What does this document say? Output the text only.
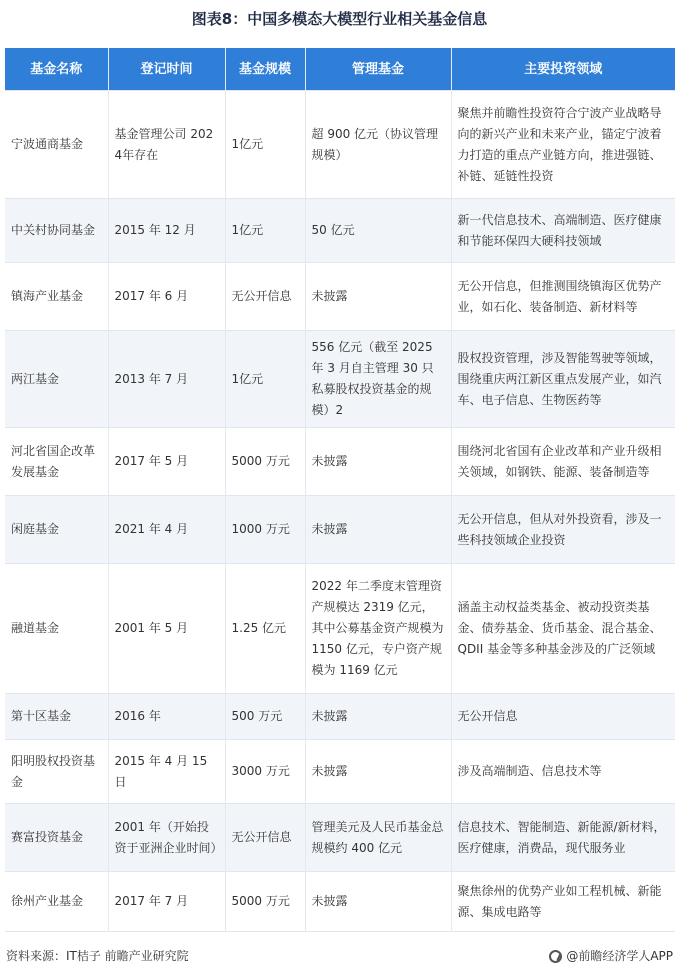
图表8：中国多模态大模型行业相关基金信息
基金名称	登记时间	基金规模	管理基金	主要投资领域
宁波通商基金	基金管理公司 2024年存在	1亿元	超 900 亿元（协议管理规模）	聚焦并前瞻性投资符合宁波产业战略导向的新兴产业和未来产业，锚定宁波着力打造的重点产业链方向，推进强链、补链、延链性投资
中关村协同基金	2015 年 12 月	1亿元	50 亿元	新一代信息技术、高端制造、医疗健康和节能环保四大硬科技领域
镇海产业基金	2017 年 6 月	无公开信息	未披露	无公开信息，但推测围绕镇海区优势产业，如石化、装备制造、新材料等
两江基金	2013 年 7 月	1亿元	556 亿元（截至 2025 年 3 月自主管理 30 只私募股权投资基金的规模）2	股权投资管理，涉及智能驾驶等领域，围绕重庆两江新区重点发展产业，如汽车、电子信息、生物医药等
河北省国企改革发展基金	2017 年 5 月	5000 万元	未披露	围绕河北省国有企业改革和产业升级相关领域，如钢铁、能源、装备制造等
闲庭基金	2021 年 4 月	1000 万元	未披露	无公开信息，但从对外投资看，涉及一些科技领域企业投资
融道基金	2001 年 5 月	1.25 亿元	2022 年二季度末管理资产规模达 2319 亿元，其中公募基金资产规模为 1150 亿元，专户资产规模为 1169 亿元	涵盖主动权益类基金、被动投资类基金、债券基金、货币基金、混合基金、QDII 基金等多种基金涉及的广泛领域
第十区基金	2016 年	500 万元	未披露	无公开信息
阳明股权投资基金	2015 年 4 月 15 日	3000 万元	未披露	涉及高端制造、信息技术等
赛富投资基金	2001 年（开始投资于亚洲企业时间）	无公开信息	管理美元及人民币基金总规模约 400 亿元	信息技术、智能制造、新能源/新材料，医疗健康，消费品，现代服务业
徐州产业基金	2017 年 7 月	5000 万元	未披露	聚焦徐州的优势产业如工程机械、新能源、集成电路等
资料来源：IT桔子 前瞻产业研究院	@前瞻经济学人APP
